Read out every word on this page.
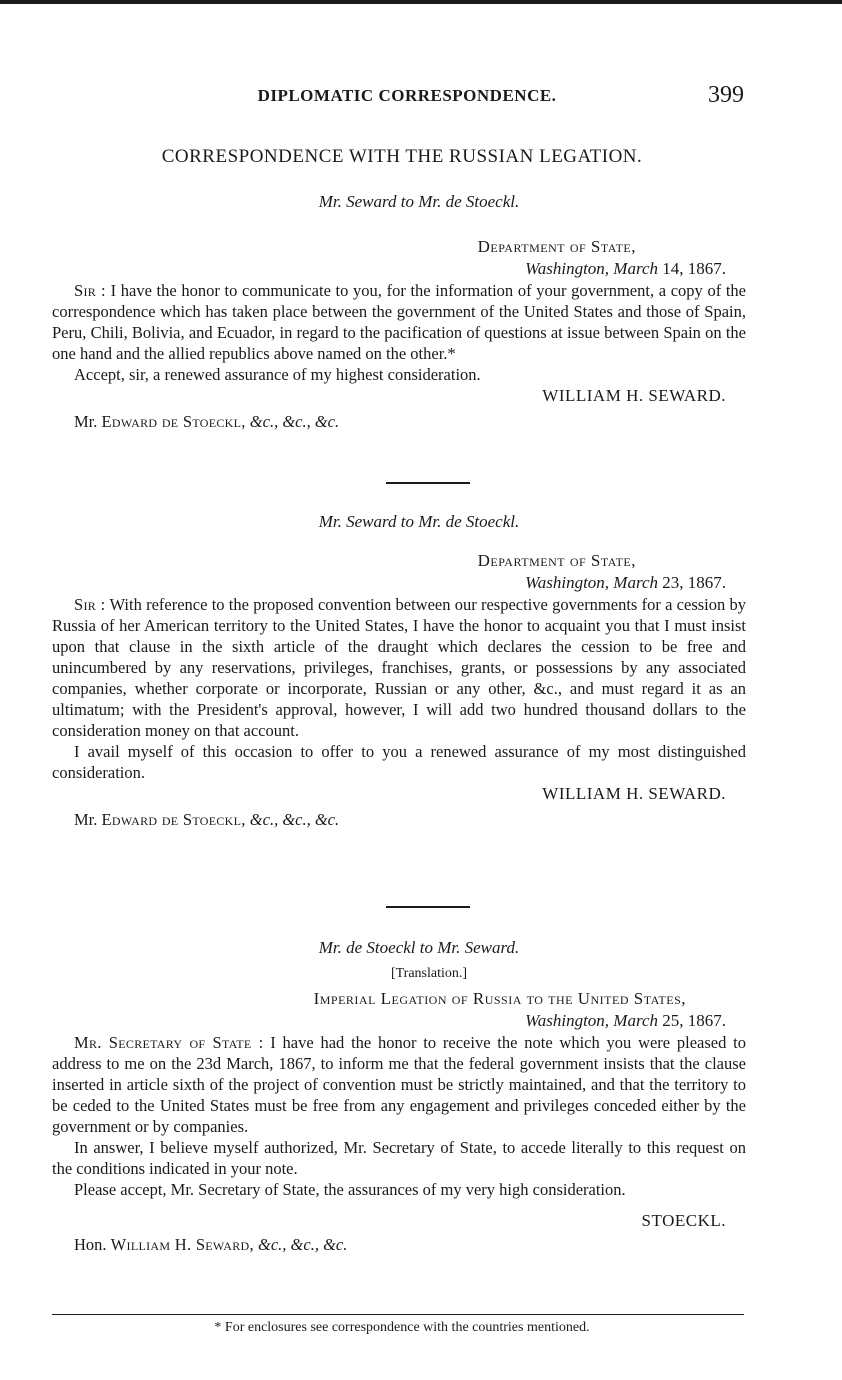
DIPLOMATIC CORRESPONDENCE.	399
CORRESPONDENCE WITH THE RUSSIAN LEGATION.
Mr. Seward to Mr. de Stoeckl.
Department of State,
Washington, March 14, 1867.

Sir : I have the honor to communicate to you, for the information of your government, a copy of the correspondence which has taken place between the government of the United States and those of Spain, Peru, Chili, Bolivia, and Ecuador, in regard to the pacification of questions at issue between Spain on the one hand and the allied republics above named on the other.*

Accept, sir, a renewed assurance of my highest consideration.

WILLIAM H. SEWARD.
Mr. Edward de Stoeckl, &c., &c., &c.
Mr. Seward to Mr. de Stoeckl.
Department of State,
Washington, March 23, 1867.

Sir : With reference to the proposed convention between our respective governments for a cession by Russia of her American territory to the United States, I have the honor to acquaint you that I must insist upon that clause in the sixth article of the draught which declares the cession to be free and unincumbered by any reservations, privileges, franchises, grants, or possessions by any associated companies, whether corporate or incorporate, Russian or any other, &c., and must regard it as an ultimatum; with the President's approval, however, I will add two hundred thousand dollars to the consideration money on that account.

I avail myself of this occasion to offer to you a renewed assurance of my most distinguished consideration.

WILLIAM H. SEWARD.
Mr. Edward de Stoeckl, &c., &c., &c.
Mr. de Stoeckl to Mr. Seward.
[Translation.]
Imperial Legation of Russia to the United States,
Washington, March 25, 1867.

Mr. Secretary of State : I have had the honor to receive the note which you were pleased to address to me on the 23d March, 1867, to inform me that the federal government insists that the clause inserted in article sixth of the project of convention must be strictly maintained, and that the territory to be ceded to the United States must be free from any engagement and privileges conceded either by the government or by companies.

In answer, I believe myself authorized, Mr. Secretary of State, to accede literally to this request on the conditions indicated in your note.

Please accept, Mr. Secretary of State, the assurances of my very high consideration.

STOECKL.
Hon. William H. Seward, &c., &c., &c.
* For enclosures see correspondence with the countries mentioned.
